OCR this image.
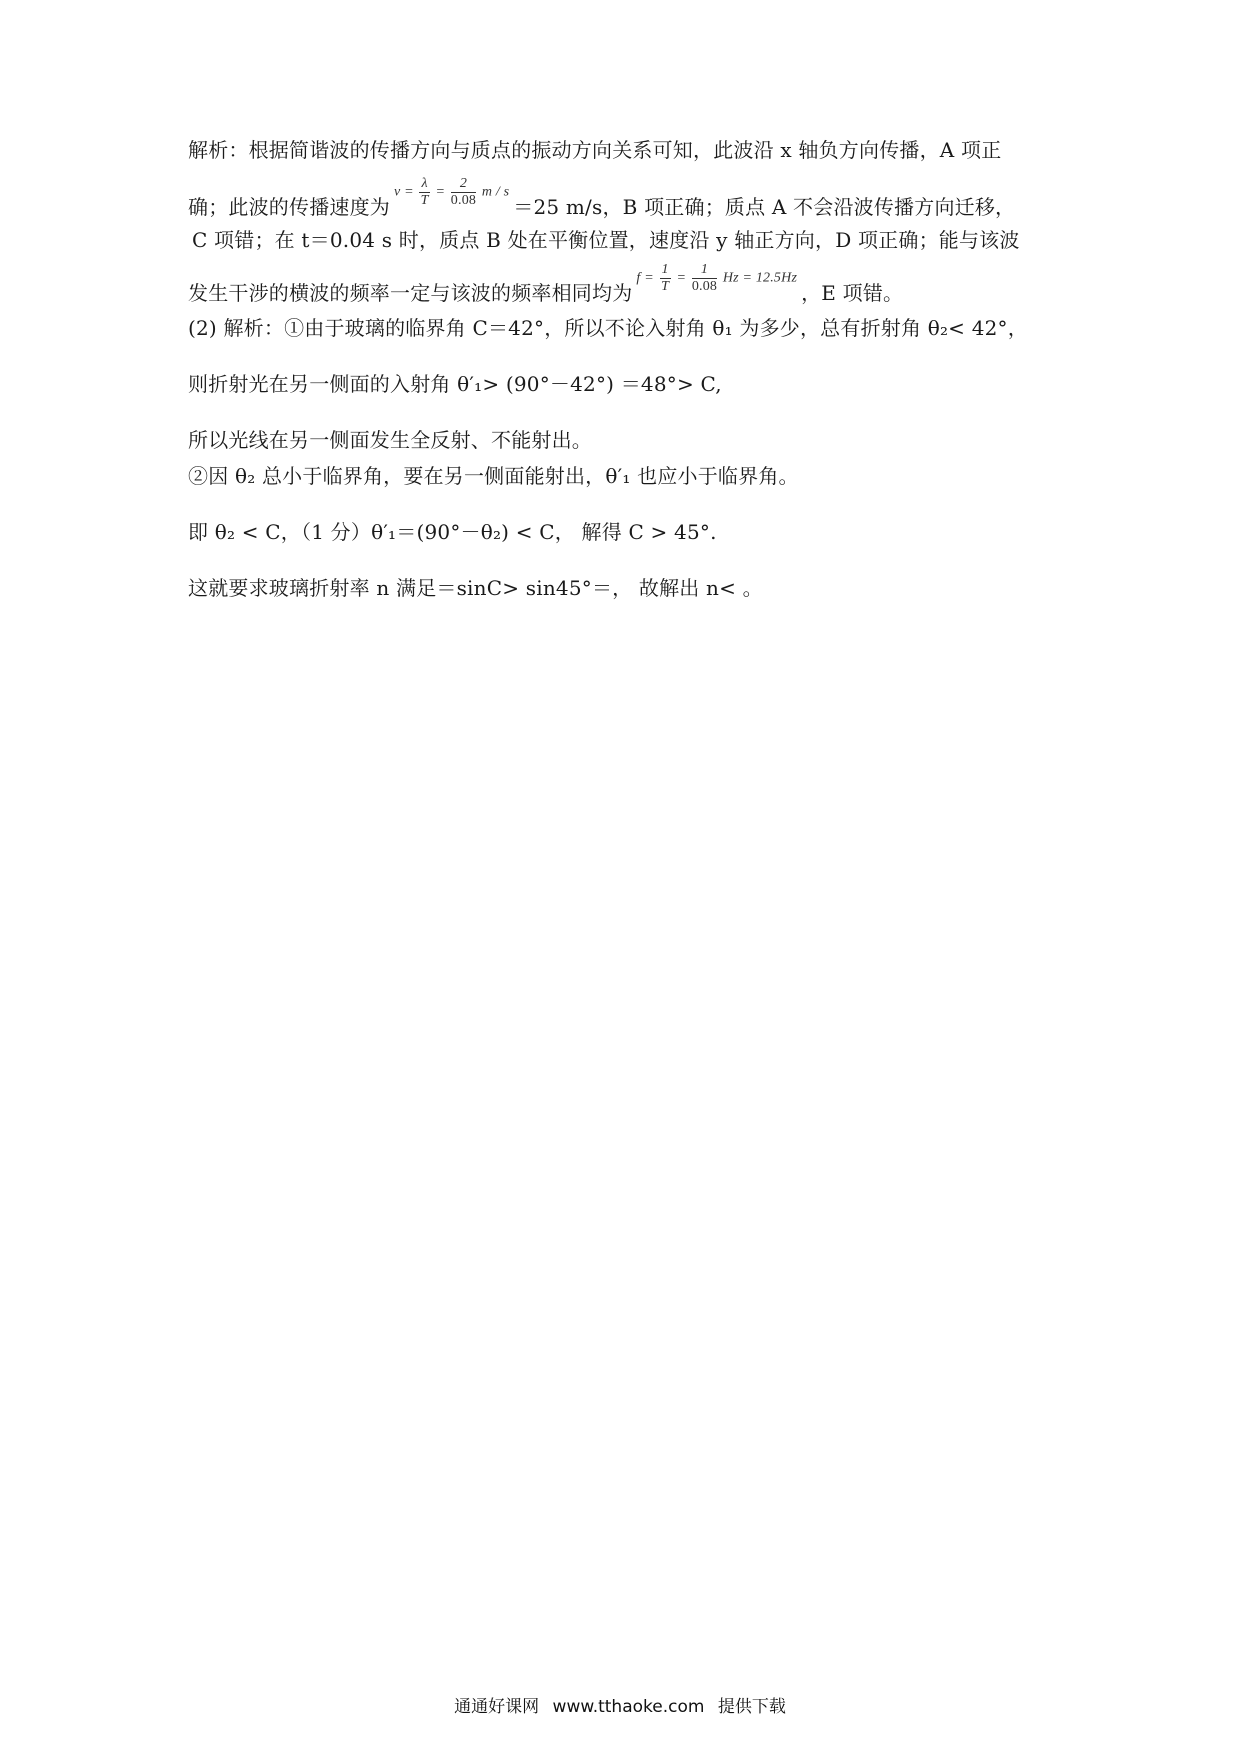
解析：根据简谐波的传播方向与质点的振动方向关系可知，此波沿 x 轴负方向传播，A 项正
确；此波的传播速度为$v = \frac{\lambda}{T} = \frac{2}{0.08}$ m / s＝25 m/s，B 项正确；质点 A 不会沿波传播方向迁移，
C 项错；在 t＝0.04 s 时，质点 B 处在平衡位置，速度沿 y 轴正方向，D 项正确；能与该波
发生干涉的横波的频率一定与该波的频率相同均为$f = \frac{1}{T} = \frac{1}{0.08}$ Hz = 12.5Hz，E 项错。
(2) 解析：①由于玻璃的临界角 C＝42°，所以不论入射角 θ₁ 为多少，总有折射角 θ₂< 42°，
则折射光在另一侧面的入射角 θ′₁> (90°－42°) ＝48°> C,
所以光线在另一侧面发生全反射、不能射出。
②因 θ₂ 总小于临界角，要在另一侧面能射出，θ′₁ 也应小于临界角。
即 θ₂ < C，（1 分）θ′₁＝(90°－θ₂) < C， 解得 C > 45°.
这就要求玻璃折射率 n 满足＝sinC> sin45°＝， 故解出 n< 。
通通好课网 www.tthaoke.com 提供下载
